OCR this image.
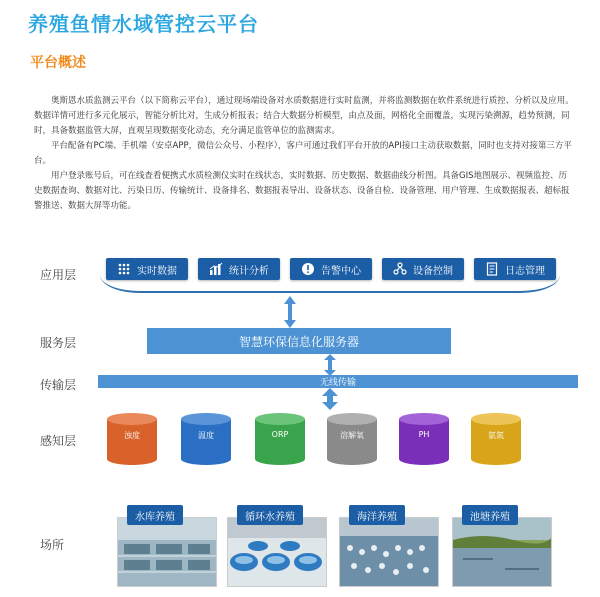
养殖鱼情水域管控云平台
平台概述

奥斯恩水质监测云平台（以下简称云平台），通过现场端设备对水质数据进行实时监测，并将监测数据在软件系统进行质控、分析以及应用。数据详情可进行多元化展示，智能分析比对，生成分析报表；结合大数据分析模型，由点及面，网格化全面覆盖，实现污染溯源，趋势预测，同时，具备数据监管大屏，直观呈现数据变化动态，充分满足监管单位的监测需求。

平台配备有PC端、手机端（安卓APP，微信公众号、小程序），客户可通过我们平台开放的API接口主动获取数据，同时也支持对接第三方平台。

用户登录账号后，可在线查看便携式水质检测仪实时在线状态，实时数据、历史数据、数据曲线分析图。具备GIS地图展示、视频监控、历史数据查询、数据对比、污染日历、传输统计、设备排名、数据报表导出、设备状态、设备自检、设备管理、用户管理、生成数据报表、超标报警推送、数据大屏等功能。

应用层
服务层
传输层
感知层
场所
实时数据	统计分析	告警中心	设备控制	日志管理
智慧环保信息化服务器
无线传输
浊度	温度	ORP	溶解氧	PH	氨氮
水库养殖	循环水养殖	海洋养殖	池塘养殖
